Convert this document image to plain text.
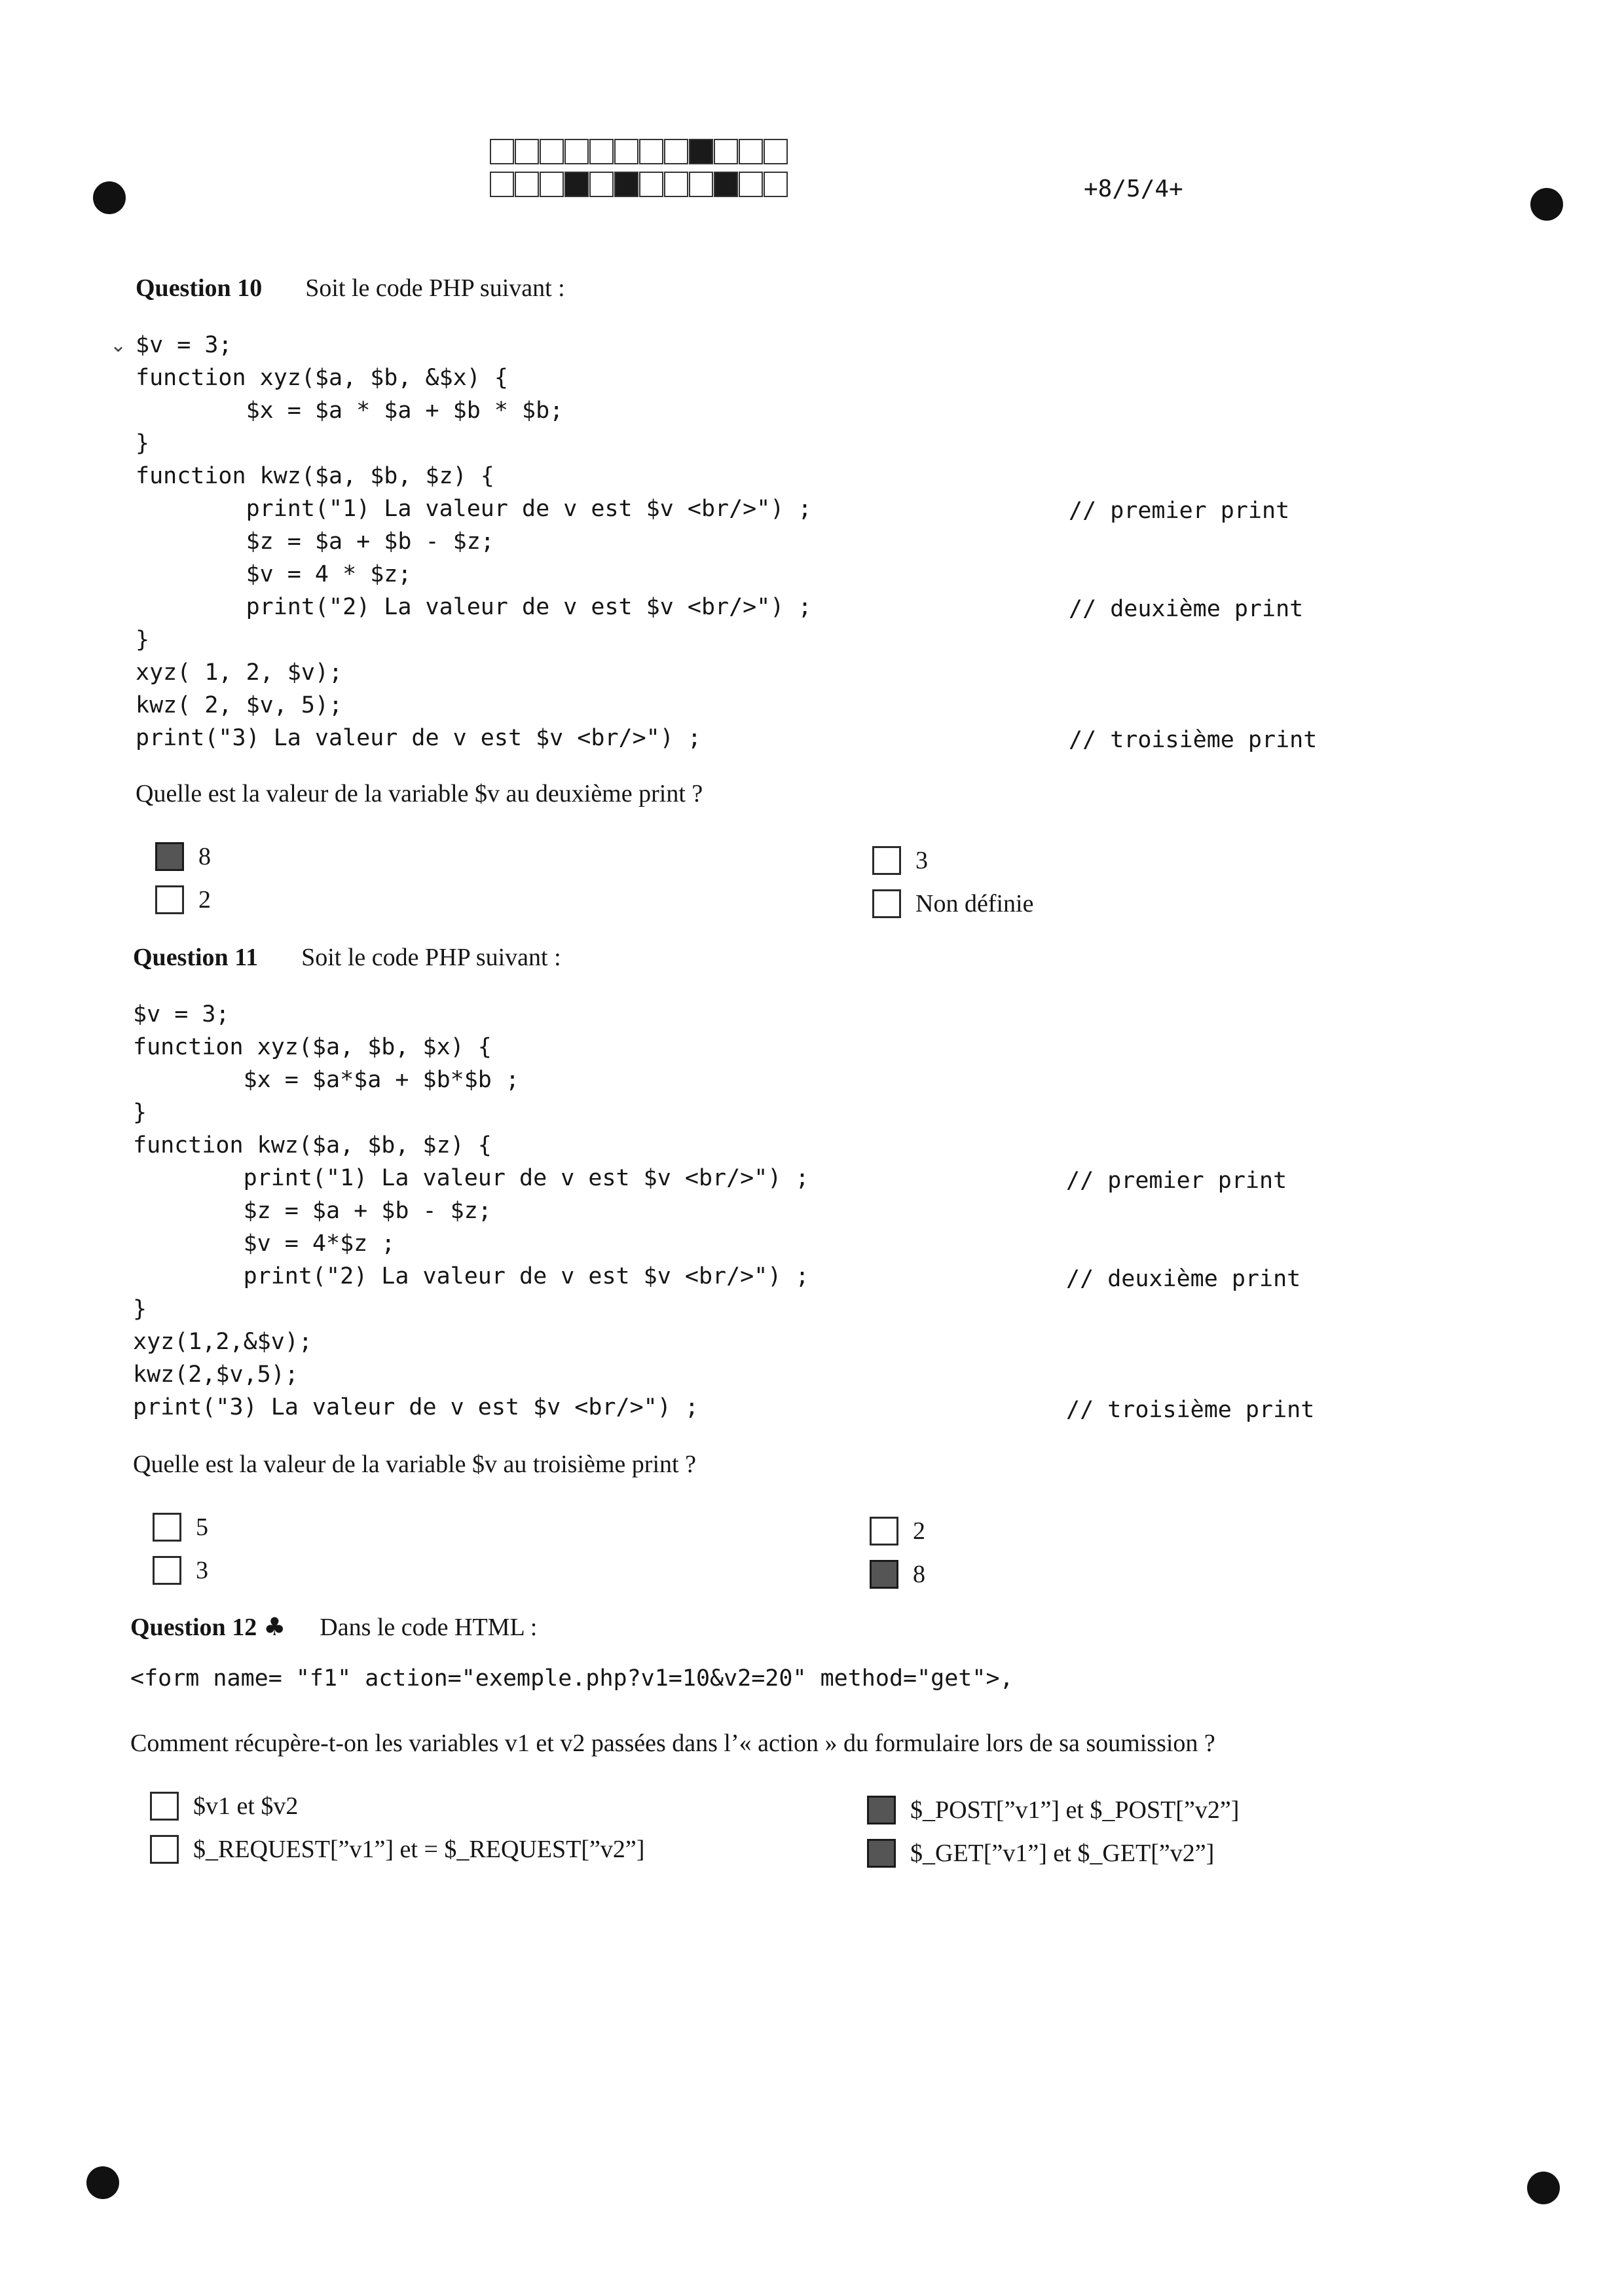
+8/5/4+
Question 10 Soit le code PHP suivant :
⌄ $v = 3;
function xyz($a, $b, &$x) {
$x = $a * $a + $b * $b;
}
function kwz($a, $b, $z) {
print("1) La valeur de v est $v <br/>") ;
$z = $a + $b - $z;
$v = 4 * $z;
print("2) La valeur de v est $v <br/>") ;
}
xyz( 1, 2, $v);
kwz( 2, $v, 5);
print("3) La valeur de v est $v <br/>") ;
// premier print
// deuxième print
// troisième print
Quelle est la valeur de la variable $v au deuxième print ?
8
2
3
Non définie
Question 11 Soit le code PHP suivant :
$v = 3;
function xyz($a, $b, $x) {
$x = $a*$a + $b*$b ;
}
function kwz($a, $b, $z) {
print("1) La valeur de v est $v <br/>") ;
$z = $a + $b - $z;
$v = 4*$z ;
print("2) La valeur de v est $v <br/>") ;
}
xyz(1,2,&$v);
kwz(2,$v,5);
print("3) La valeur de v est $v <br/>") ;
// premier print
// deuxième print
// troisième print
Quelle est la valeur de la variable $v au troisième print ?
5
3
2
8
Question 12 ♣ Dans le code HTML :
<form name= "f1" action="exemple.php?v1=10&v2=20" method="get">,
Comment récupère-t-on les variables v1 et v2 passées dans l’« action » du formulaire lors de sa soumission ?
$v1 et $v2
$_REQUEST[”v1”] et = $_REQUEST[”v2”]
$_POST[”v1”] et $_POST[”v2”]
$_GET[”v1”] et $_GET[”v2”]
